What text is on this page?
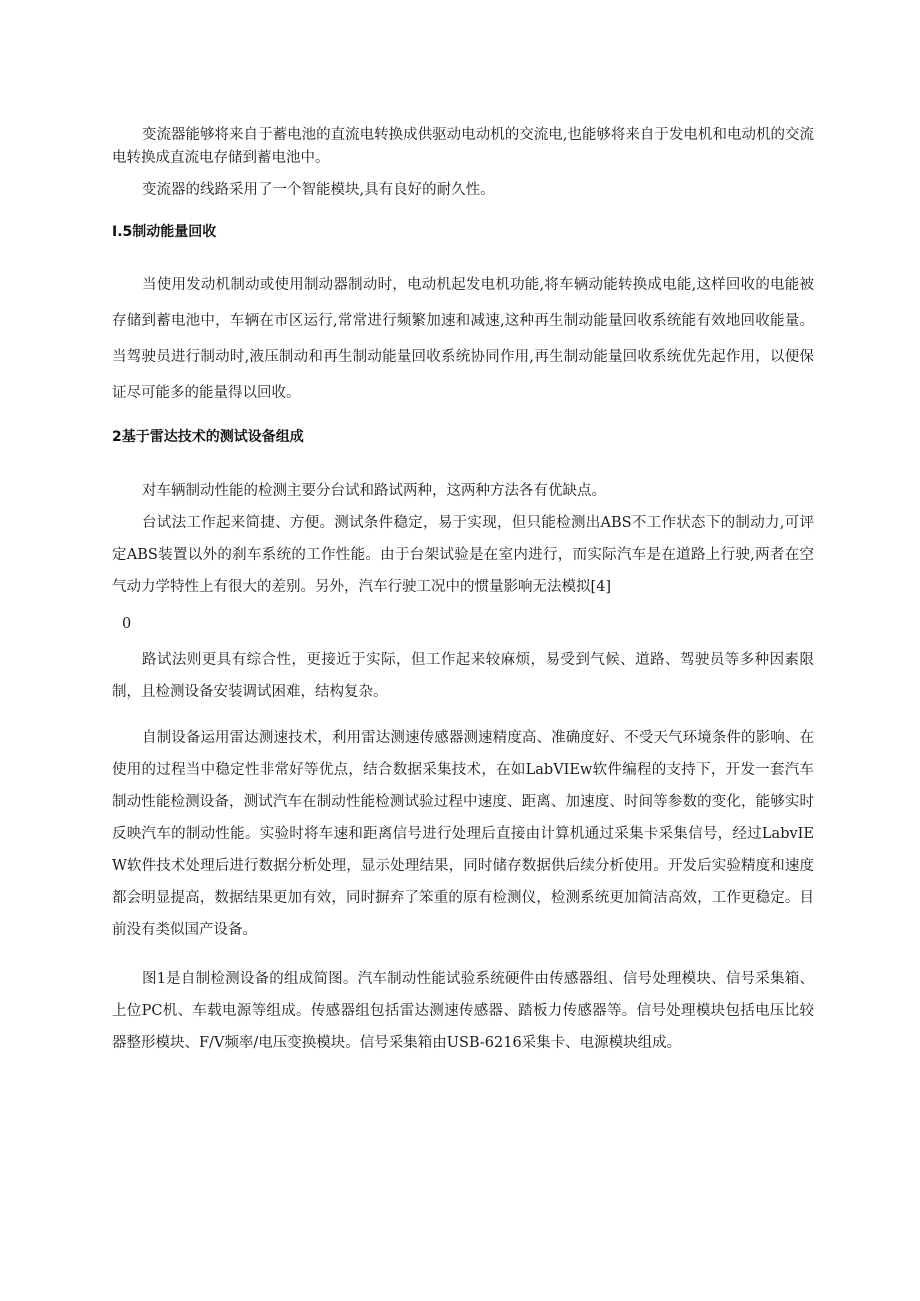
变流器能够将来自于蓄电池的直流电转换成供驱动电动机的交流电,也能够将来自于发电机和电动机的交流电转换成直流电存储到蓄电池中。

变流器的线路采用了一个智能模块,具有良好的耐久性。

I.5制动能量回收

当使用发动机制动或使用制动器制动时，电动机起发电机功能,将车辆动能转换成电能,这样回收的电能被存储到蓄电池中，车辆在市区运行,常常进行频繁加速和减速,这种再生制动能量回收系统能有效地回收能量。当驾驶员进行制动时,液压制动和再生制动能量回收系统协同作用,再生制动能量回收系统优先起作用，以便保证尽可能多的能量得以回收。

2基于雷达技术的测试设备组成

对车辆制动性能的检测主要分台试和路试两种，这两种方法各有优缺点。

台试法工作起来简捷、方便。测试条件稳定，易于实现，但只能检测出ABS不工作状态下的制动力,可评定ABS装置以外的刹车系统的工作性能。由于台架试验是在室内进行，而实际汽车是在道路上行驶,两者在空气动力学特性上有很大的差别。另外，汽车行驶工况中的惯量影响无法模拟[4]

0

路试法则更具有综合性，更接近于实际，但工作起来较麻烦，易受到气候、道路、驾驶员等多种因素限制，且检测设备安装调试困难，结构复杂。

自制设备运用雷达测速技术，利用雷达测速传感器测速精度高、准确度好、不受天气环境条件的影响、在使用的过程当中稳定性非常好等优点，结合数据采集技术，在如LabVIEw软件编程的支持下，开发一套汽车制动性能检测设备，测试汽车在制动性能检测试验过程中速度、距离、加速度、时间等参数的变化，能够实时反映汽车的制动性能。实验时将车速和距离信号进行处理后直接由计算机通过采集卡采集信号，经过LabvIEW软件技术处理后进行数据分析处理，显示处理结果，同时储存数据供后续分析使用。开发后实验精度和速度都会明显提高，数据结果更加有效，同时摒弃了笨重的原有检测仪，检测系统更加简洁高效，工作更稳定。目前没有类似国产设备。

图1是自制检测设备的组成简图。汽车制动性能试验系统硬件由传感器组、信号处理模块、信号采集箱、上位PC机、车载电源等组成。传感器组包括雷达测速传感器、踏板力传感器等。信号处理模块包括电压比较器整形模块、F/V频率/电压变换模块。信号采集箱由USB-6216采集卡、电源模块组成。
